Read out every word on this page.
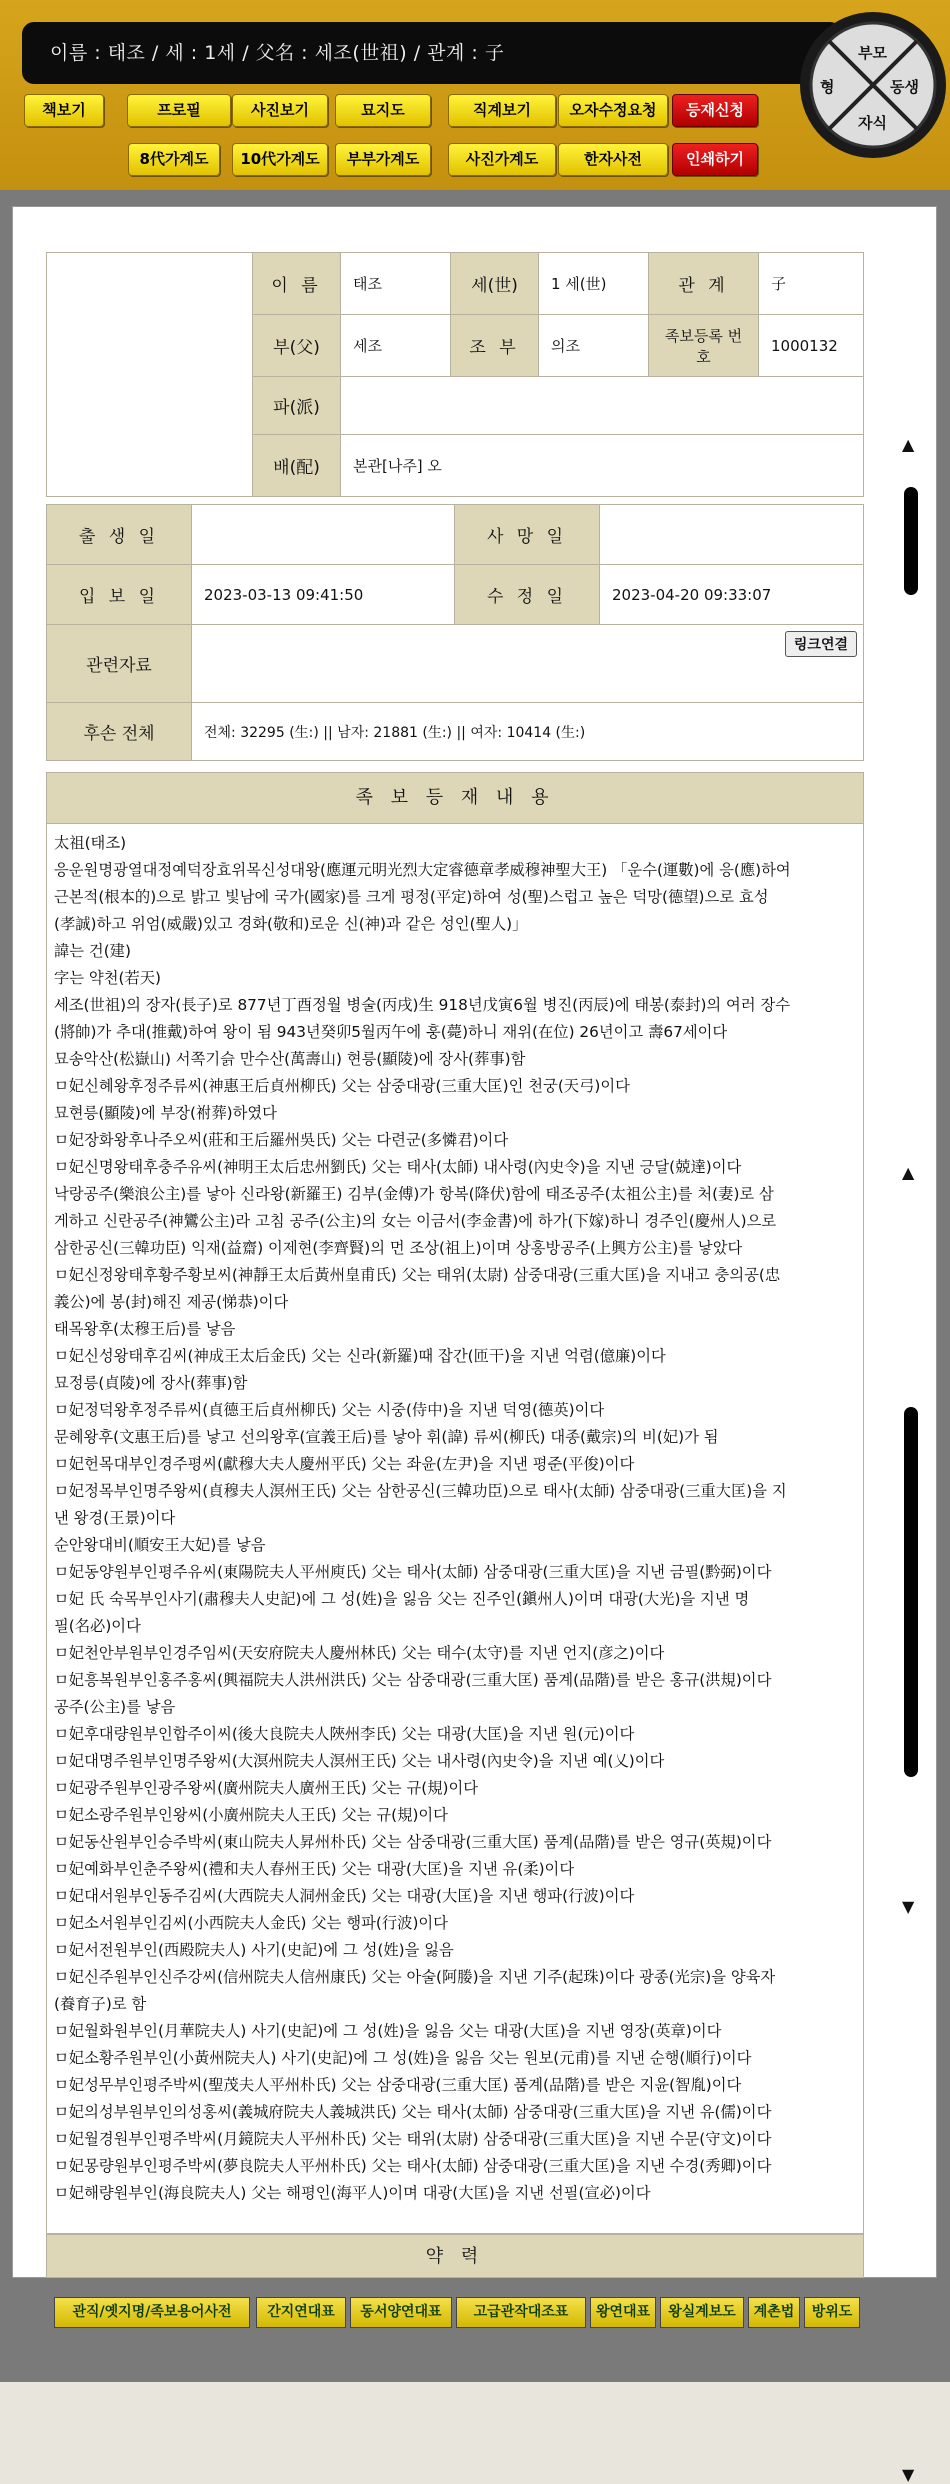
이름 : 태조 / 세 : 1세 / 父名 : 세조(世祖) / 관계 : 子	부모
형	동생
자식
책보기	프로필	사진보기	묘지도	직계보기	오자수정요청	등재신청
8代가계도	10代가계도	부부가계도	사진가계도	한자사전	인쇄하기
	이 름	태조	세(世)	1 세(世)	관 계	子
	부(父)	세조	조 부	의조	족보등록 번 호	1000132
	파(派)					
	배(配)	본관[나주] 오				
출 생 일		사 망 일	
입 보 일	2023-03-13 09:41:50	수 정 일	2023-04-20 09:33:07
관련자료	링크연결		

후손 전체	전체: 32295 (生:) || 남자: 21881 (生:) || 여자: 10414 (生:)		
족 보 등 재 내 용
약 력
▲
▲
▼
▼
太祖(태조)
응운원명광열대정예덕장효위목신성대왕(應運元明光烈大定睿德章孝威穆神聖大王) 「운수(運數)에 응(應)하여
근본적(根本的)으로 밝고 빛남에 국가(國家)를 크게 평정(平定)하여 성(聖)스럽고 높은 덕망(德望)으로 효성
(孝誠)하고 위엄(威嚴)있고 경화(敬和)로운 신(神)과 같은 성인(聖人)」
諱는 건(建)
字는 약천(若天)
세조(世祖)의 장자(長子)로 877년丁酉정월 병술(丙戌)生 918년戊寅6월 병진(丙辰)에 태봉(泰封)의 여러 장수
(將帥)가 추대(推戴)하여 왕이 됨 943년癸卯5월丙午에 훙(薨)하니 재위(在位) 26년이고 壽67세이다
묘송악산(松嶽山) 서쪽기슭 만수산(萬壽山) 현릉(顯陵)에 장사(葬事)함
ㅁ妃신혜왕후정주류씨(神惠王后貞州柳氏) 父는 삼중대광(三重大匡)인 천궁(天弓)이다
묘현릉(顯陵)에 부장(祔葬)하였다
ㅁ妃장화왕후나주오씨(莊和王后羅州吳氏) 父는 다련군(多憐君)이다
ㅁ妃신명왕태후충주유씨(神明王太后忠州劉氏) 父는 태사(太師) 내사령(內史令)을 지낸 긍달(兢達)이다
낙랑공주(樂浪公主)를 낳아 신라왕(新羅王) 김부(金傅)가 항복(降伏)함에 태조공주(太祖公主)를 처(妻)로 삼
게하고 신란공주(神鸞公主)라 고침 공주(公主)의 女는 이금서(李金書)에 하가(下嫁)하니 경주인(慶州人)으로
삼한공신(三韓功臣) 익재(益齋) 이제현(李齊賢)의 먼 조상(祖上)이며 상홍방공주(上興方公主)를 낳았다
ㅁ妃신정왕태후황주황보씨(神靜王太后黃州皇甫氏) 父는 태위(太尉) 삼중대광(三重大匡)을 지내고 충의공(忠
義公)에 봉(封)해진 제공(悌恭)이다
태목왕후(太穆王后)를 낳음
ㅁ妃신성왕태후김씨(神成王太后金氏) 父는 신라(新羅)때 잡간(匝干)을 지낸 억렴(億廉)이다
묘정릉(貞陵)에 장사(葬事)함
ㅁ妃정덕왕후정주류씨(貞德王后貞州柳氏) 父는 시중(侍中)을 지낸 덕영(德英)이다
문혜왕후(文惠王后)를 낳고 선의왕후(宣義王后)를 낳아 휘(諱) 류씨(柳氏) 대종(戴宗)의 비(妃)가 됨
ㅁ妃헌목대부인경주평씨(獻穆大夫人慶州平氏) 父는 좌윤(左尹)을 지낸 평준(平俊)이다
ㅁ妃정목부인명주왕씨(貞穆夫人溟州王氏) 父는 삼한공신(三韓功臣)으로 태사(太師) 삼중대광(三重大匡)을 지
낸 왕경(王景)이다
순안왕대비(順安王大妃)를 낳음
ㅁ妃동양원부인평주유씨(東陽院夫人平州庾氏) 父는 태사(太師) 삼중대광(三重大匡)을 지낸 금필(黔弼)이다
ㅁ妃 氏 숙목부인사기(肅穆夫人史記)에 그 성(姓)을 잃음 父는 진주인(鎭州人)이며 대광(大光)을 지낸 명
필(名必)이다
ㅁ妃천안부원부인경주임씨(天安府院夫人慶州林氏) 父는 태수(太守)를 지낸 언지(彦之)이다
ㅁ妃흥복원부인홍주홍씨(興福院夫人洪州洪氏) 父는 삼중대광(三重大匡) 품계(品階)를 받은 홍규(洪規)이다
공주(公主)를 낳음
ㅁ妃후대량원부인합주이씨(後大良院夫人陜州李氏) 父는 대광(大匡)을 지낸 원(元)이다
ㅁ妃대명주원부인명주왕씨(大溟州院夫人溟州王氏) 父는 내사령(內史令)을 지낸 예(乂)이다
ㅁ妃광주원부인광주왕씨(廣州院夫人廣州王氏) 父는 규(規)이다
ㅁ妃소광주원부인왕씨(小廣州院夫人王氏) 父는 규(規)이다
ㅁ妃동산원부인승주박씨(東山院夫人昇州朴氏) 父는 삼중대광(三重大匡) 품계(品階)를 받은 영규(英規)이다
ㅁ妃예화부인춘주왕씨(禮和夫人春州王氏) 父는 대광(大匡)을 지낸 유(柔)이다
ㅁ妃대서원부인동주김씨(大西院夫人洞州金氏) 父는 대광(大匡)을 지낸 행파(行波)이다
ㅁ妃소서원부인김씨(小西院夫人金氏) 父는 행파(行波)이다
ㅁ妃서전원부인(西殿院夫人) 사기(史記)에 그 성(姓)을 잃음
ㅁ妃신주원부인신주강씨(信州院夫人信州康氏) 父는 아술(阿媵)을 지낸 기주(起珠)이다 광종(光宗)을 양육자
(養育子)로 함
ㅁ妃월화원부인(月華院夫人) 사기(史記)에 그 성(姓)을 잃음 父는 대광(大匡)을 지낸 영장(英章)이다
ㅁ妃소황주원부인(小黃州院夫人) 사기(史記)에 그 성(姓)을 잃음 父는 원보(元甫)를 지낸 순행(順行)이다
ㅁ妃성무부인평주박씨(聖茂夫人平州朴氏) 父는 삼중대광(三重大匡) 품계(品階)를 받은 지윤(智胤)이다
ㅁ妃의성부원부인의성홍씨(義城府院夫人義城洪氏) 父는 태사(太師) 삼중대광(三重大匡)을 지낸 유(儒)이다
ㅁ妃월경원부인평주박씨(月鏡院夫人平州朴氏) 父는 태위(太尉) 삼중대광(三重大匡)을 지낸 수문(守文)이다
ㅁ妃몽량원부인평주박씨(夢良院夫人平州朴氏) 父는 태사(太師) 삼중대광(三重大匡)을 지낸 수경(秀卿)이다
ㅁ妃해량원부인(海良院夫人) 父는 해평인(海平人)이며 대광(大匡)을 지낸 선필(宣必)이다
관직/옛지명/족보용어사전	간지연대표	동서양연대표	고급관작대조표	왕연대표	왕실계보도	계촌법	방위도
